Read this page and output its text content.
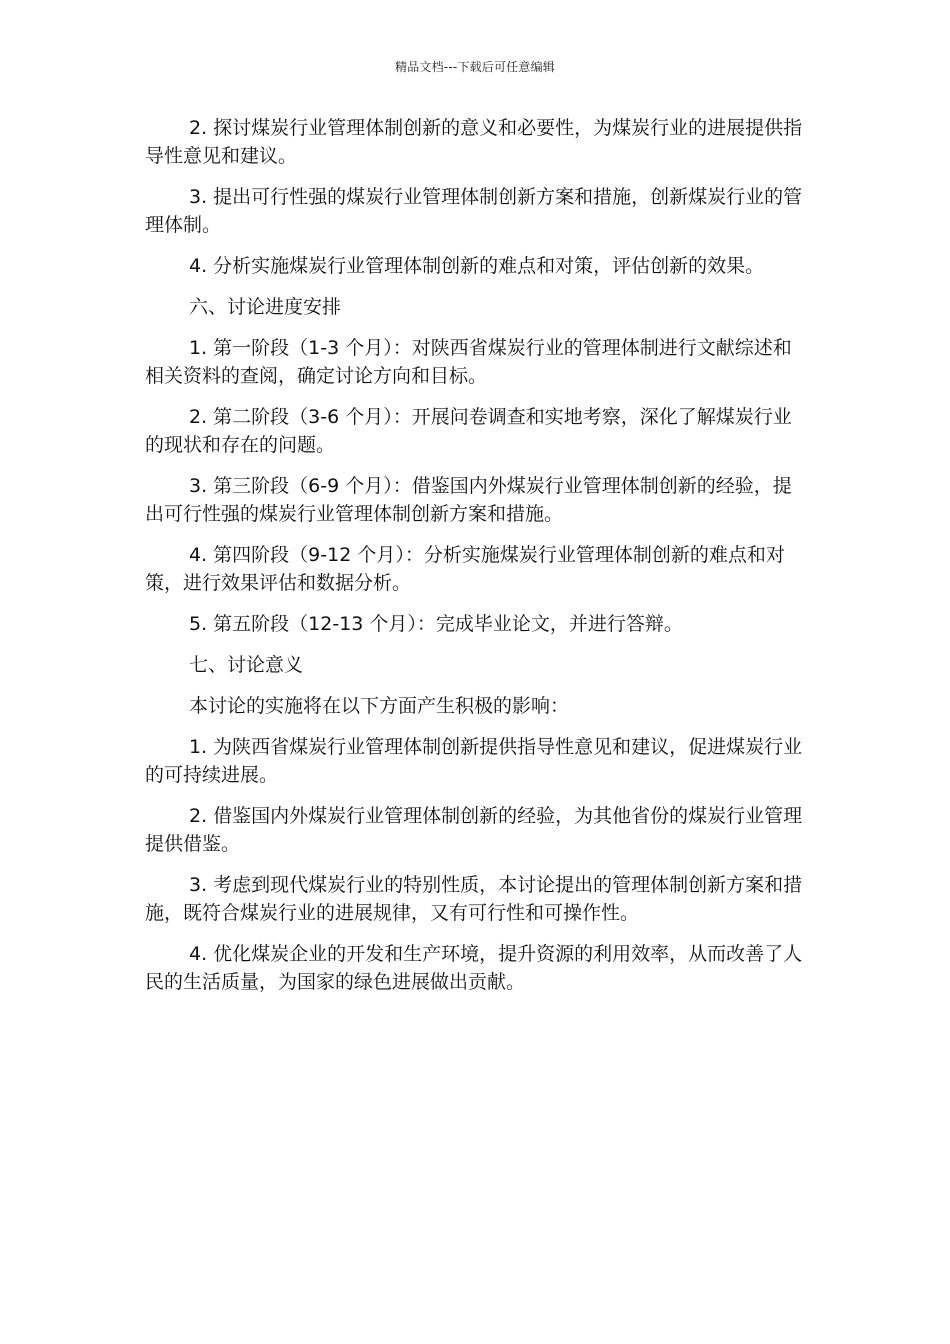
精品文档---下载后可任意编辑

2. 探讨煤炭行业管理体制创新的意义和必要性，为煤炭行业的进展提供指导性意见和建议。

3. 提出可行性强的煤炭行业管理体制创新方案和措施，创新煤炭行业的管理体制。

4. 分析实施煤炭行业管理体制创新的难点和对策，评估创新的效果。

六、讨论进度安排

1. 第一阶段（1-3 个月）：对陕西省煤炭行业的管理体制进行文献综述和相关资料的查阅，确定讨论方向和目标。

2. 第二阶段（3-6 个月）：开展问卷调查和实地考察，深化了解煤炭行业的现状和存在的问题。

3. 第三阶段（6-9 个月）：借鉴国内外煤炭行业管理体制创新的经验，提出可行性强的煤炭行业管理体制创新方案和措施。

4. 第四阶段（9-12 个月）：分析实施煤炭行业管理体制创新的难点和对策，进行效果评估和数据分析。

5. 第五阶段（12-13 个月）：完成毕业论文，并进行答辩。

七、讨论意义

本讨论的实施将在以下方面产生积极的影响：

1. 为陕西省煤炭行业管理体制创新提供指导性意见和建议，促进煤炭行业的可持续进展。

2. 借鉴国内外煤炭行业管理体制创新的经验，为其他省份的煤炭行业管理提供借鉴。

3. 考虑到现代煤炭行业的特别性质，本讨论提出的管理体制创新方案和措施，既符合煤炭行业的进展规律，又有可行性和可操作性。

4. 优化煤炭企业的开发和生产环境，提升资源的利用效率，从而改善了人民的生活质量，为国家的绿色进展做出贡献。
